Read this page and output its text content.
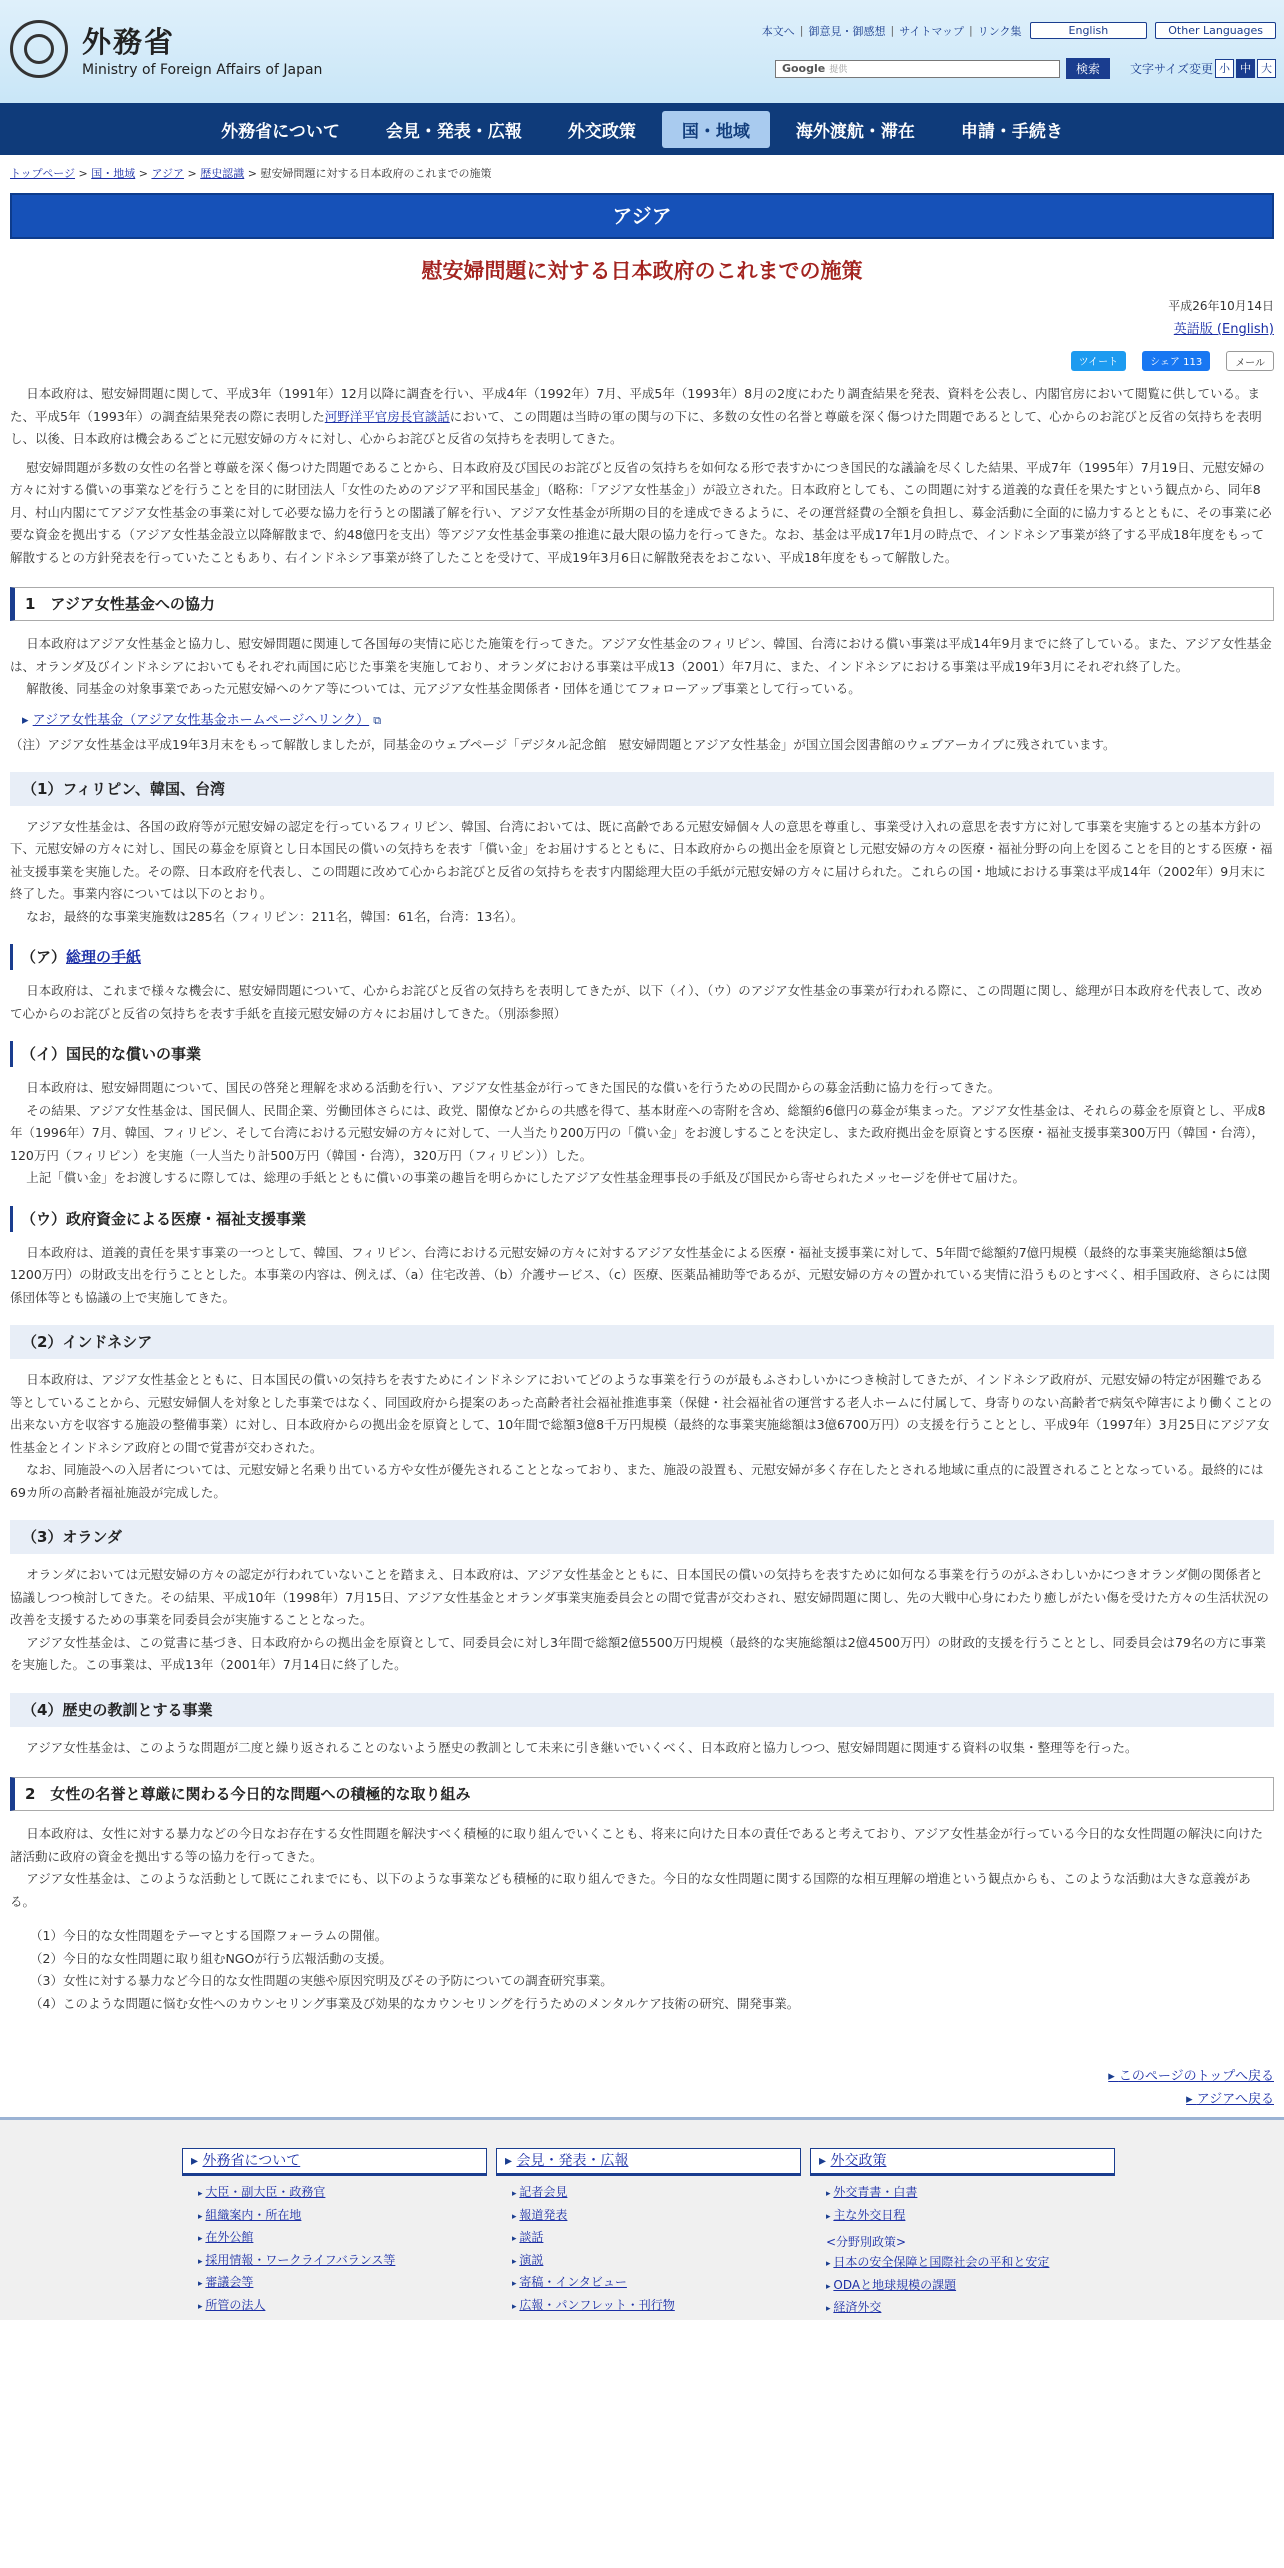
外務省
Ministry of Foreign Affairs of Japan
本文へ | 御意見・御感想 | サイトマップ | リンク集	English	Other Languages
Google 提供	検索	文字サイズ変更 小 中 大
外務省について	会見・発表・広報	外交政策	国・地域	海外渡航・滞在	申請・手続き
トップページ > 国・地域 > アジア > 歴史認識 > 慰安婦問題に対する日本政府のこれまでの施策
アジア
慰安婦問題に対する日本政府のこれまでの施策
平成26年10月14日
英語版 (English)
ツイート	シェア 113	メール

日本政府は、慰安婦問題に関して、平成3年（1991年）12月以降に調査を行い、平成4年（1992年）7月、平成5年（1993年）8月の2度にわたり調査結果を発表、資料を公表し、内閣官房において閲覧に供している。また、平成5年（1993年）の調査結果発表の際に表明した河野洋平官房長官談話において、この問題は当時の軍の関与の下に、多数の女性の名誉と尊厳を深く傷つけた問題であるとして、心からのお詫びと反省の気持ちを表明し、以後、日本政府は機会あるごとに元慰安婦の方々に対し、心からお詫びと反省の気持ちを表明してきた。

慰安婦問題が多数の女性の名誉と尊厳を深く傷つけた問題であることから、日本政府及び国民のお詫びと反省の気持ちを如何なる形で表すかにつき国民的な議論を尽くした結果、平成7年（1995年）7月19日、元慰安婦の方々に対する償いの事業などを行うことを目的に財団法人「女性のためのアジア平和国民基金」（略称：「アジア女性基金」）が設立された。日本政府としても、この問題に対する道義的な責任を果たすという観点から、同年8月、村山内閣にてアジア女性基金の事業に対して必要な協力を行うとの閣議了解を行い、アジア女性基金が所期の目的を達成できるように、その運営経費の全額を負担し、募金活動に全面的に協力するとともに、その事業に必要な資金を拠出する（アジア女性基金設立以降解散まで、約48億円を支出）等アジア女性基金事業の推進に最大限の協力を行ってきた。なお、基金は平成17年1月の時点で、インドネシア事業が終了する平成18年度をもって解散するとの方針発表を行っていたこともあり、右インドネシア事業が終了したことを受けて、平成19年3月6日に解散発表をおこない、平成18年度をもって解散した。

1　アジア女性基金への協力

日本政府はアジア女性基金と協力し、慰安婦問題に関連して各国毎の実情に応じた施策を行ってきた。アジア女性基金のフィリピン、韓国、台湾における償い事業は平成14年9月までに終了している。また、アジア女性基金は、オランダ及びインドネシアにおいてもそれぞれ両国に応じた事業を実施しており、オランダにおける事業は平成13（2001）年7月に、また、インドネシアにおける事業は平成19年3月にそれぞれ終了した。

解散後、同基金の対象事業であった元慰安婦へのケア等については、元アジア女性基金関係者・団体を通じてフォローアップ事業として行っている。

▸ アジア女性基金（アジア女性基金ホームページへリンク） ⧉
（注）アジア女性基金は平成19年3月末をもって解散しましたが，同基金のウェブページ「デジタル記念館　慰安婦問題とアジア女性基金」が国立国会図書館のウェブアーカイブに残されています。
（1）フィリピン、韓国、台湾

アジア女性基金は、各国の政府等が元慰安婦の認定を行っているフィリピン、韓国、台湾においては、既に高齢である元慰安婦個々人の意思を尊重し、事業受け入れの意思を表す方に対して事業を実施するとの基本方針の下、元慰安婦の方々に対し、国民の募金を原資とし日本国民の償いの気持ちを表す「償い金」をお届けするとともに、日本政府からの拠出金を原資とし元慰安婦の方々の医療・福祉分野の向上を図ることを目的とする医療・福祉支援事業を実施した。その際、日本政府を代表し、この問題に改めて心からお詫びと反省の気持ちを表す内閣総理大臣の手紙が元慰安婦の方々に届けられた。これらの国・地域における事業は平成14年（2002年）9月末に終了した。事業内容については以下のとおり。

なお，最終的な事業実施数は285名（フィリピン：211名，韓国：61名，台湾：13名）。

（ア）総理の手紙

日本政府は、これまで様々な機会に、慰安婦問題について、心からお詫びと反省の気持ちを表明してきたが、以下（イ）、（ウ）のアジア女性基金の事業が行われる際に、この問題に関し、総理が日本政府を代表して、改めて心からのお詫びと反省の気持ちを表す手紙を直接元慰安婦の方々にお届けしてきた。（別添参照）

（イ）国民的な償いの事業

日本政府は、慰安婦問題について、国民の啓発と理解を求める活動を行い、アジア女性基金が行ってきた国民的な償いを行うための民間からの募金活動に協力を行ってきた。

その結果、アジア女性基金は、国民個人、民間企業、労働団体さらには、政党、閣僚などからの共感を得て、基本財産への寄附を含め、総額約6億円の募金が集まった。アジア女性基金は、それらの募金を原資とし、平成8年（1996年）7月、韓国、フィリピン、そして台湾における元慰安婦の方々に対して、一人当たり200万円の「償い金」をお渡しすることを決定し、また政府拠出金を原資とする医療・福祉支援事業300万円（韓国・台湾），120万円（フィリピン）を実施（一人当たり計500万円（韓国・台湾），320万円（フィリピン））した。

上記「償い金」をお渡しするに際しては、総理の手紙とともに償いの事業の趣旨を明らかにしたアジア女性基金理事長の手紙及び国民から寄せられたメッセージを併せて届けた。

（ウ）政府資金による医療・福祉支援事業

日本政府は、道義的責任を果す事業の一つとして、韓国、フィリピン、台湾における元慰安婦の方々に対するアジア女性基金による医療・福祉支援事業に対して、5年間で総額約7億円規模（最終的な事業実施総額は5億1200万円）の財政支出を行うこととした。本事業の内容は、例えば、（a）住宅改善、（b）介護サービス、（c）医療、医薬品補助等であるが、元慰安婦の方々の置かれている実情に沿うものとすべく、相手国政府、さらには関係団体等とも協議の上で実施してきた。

（2）インドネシア

日本政府は、アジア女性基金とともに、日本国民の償いの気持ちを表すためにインドネシアにおいてどのような事業を行うのが最もふさわしいかにつき検討してきたが、インドネシア政府が、元慰安婦の特定が困難である等としていることから、元慰安婦個人を対象とした事業ではなく、同国政府から提案のあった高齢者社会福祉推進事業（保健・社会福祉省の運営する老人ホームに付属して、身寄りのない高齢者で病気や障害により働くことの出来ない方を収容する施設の整備事業）に対し、日本政府からの拠出金を原資として、10年間で総額3億8千万円規模（最終的な事業実施総額は3億6700万円）の支援を行うこととし、平成9年（1997年）3月25日にアジア女性基金とインドネシア政府との間で覚書が交わされた。

なお、同施設への入居者については、元慰安婦と名乗り出ている方や女性が優先されることとなっており、また、施設の設置も、元慰安婦が多く存在したとされる地域に重点的に設置されることとなっている。最終的には69カ所の高齢者福祉施設が完成した。

（3）オランダ

オランダにおいては元慰安婦の方々の認定が行われていないことを踏まえ、日本政府は、アジア女性基金とともに、日本国民の償いの気持ちを表すために如何なる事業を行うのがふさわしいかにつきオランダ側の関係者と協議しつつ検討してきた。その結果、平成10年（1998年）7月15日、アジア女性基金とオランダ事業実施委員会との間で覚書が交わされ、慰安婦問題に関し、先の大戦中心身にわたり癒しがたい傷を受けた方々の生活状況の改善を支援するための事業を同委員会が実施することとなった。

アジア女性基金は、この覚書に基づき、日本政府からの拠出金を原資として、同委員会に対し3年間で総額2億5500万円規模（最終的な実施総額は2億4500万円）の財政的支援を行うこととし、同委員会は79名の方に事業を実施した。この事業は、平成13年（2001年）7月14日に終了した。

（4）歴史の教訓とする事業

アジア女性基金は、このような問題が二度と繰り返されることのないよう歴史の教訓として未来に引き継いでいくべく、日本政府と協力しつつ、慰安婦問題に関連する資料の収集・整理等を行った。

2　女性の名誉と尊厳に関わる今日的な問題への積極的な取り組み

日本政府は、女性に対する暴力などの今日なお存在する女性問題を解決すべく積極的に取り組んでいくことも、将来に向けた日本の責任であると考えており、アジア女性基金が行っている今日的な女性問題の解決に向けた諸活動に政府の資金を拠出する等の協力を行ってきた。

アジア女性基金は、このような活動として既にこれまでにも、以下のような事業なども積極的に取り組んできた。今日的な女性問題に関する国際的な相互理解の増進という観点からも、このような活動は大きな意義がある。

（1）今日的な女性問題をテーマとする国際フォーラムの開催。
（2）今日的な女性問題に取り組むNGOが行う広報活動の支援。
（3）女性に対する暴力など今日的な女性問題の実態や原因究明及びその予防についての調査研究事業。
（4）このような問題に悩む女性へのカウンセリング事業及び効果的なカウンセリングを行うためのメンタルケア技術の研究、開発事業。
▸ このページのトップへ戻る
▸ アジアへ戻る
▸ 外務省について
▸ 大臣・副大臣・政務官
▸ 組織案内・所在地
▸ 在外公館
▸ 採用情報・ワークライフバランス等
▸ 審議会等
▸ 所管の法人
▸ 会見・発表・広報
▸ 記者会見
▸ 報道発表
▸ 談話
▸ 演説
▸ 寄稿・インタビュー
▸ 広報・パンフレット・刊行物
▸ 外交政策
▸ 外交青書・白書
▸ 主な外交日程
<分野別政策>
▸ 日本の安全保障と国際社会の平和と安定
▸ ODAと地球規模の課題
▸ 経済外交
